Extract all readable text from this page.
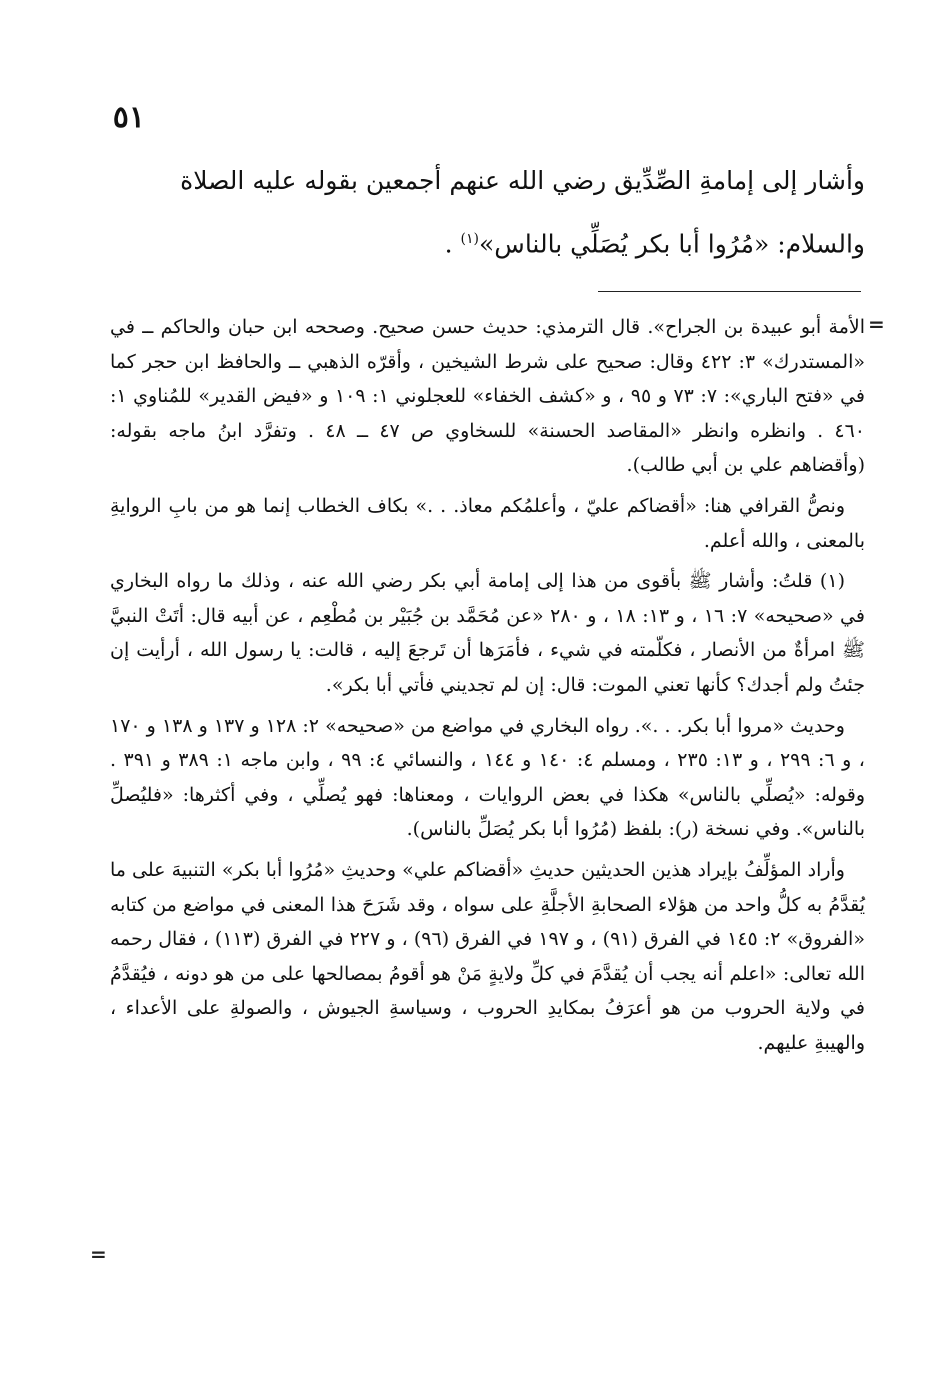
٥١

وأشار إلى إمامةِ الصِّدِّيق رضي الله عنهم أجمعين بقوله عليه الصلاة

والسلام: «مُرُوا أبا بكر يُصَلِّي بالناس»$^{(١)}$ .

=

الأمة أبو عبيدة بن الجراح». قال الترمذي: حديث حسن صحيح. وصححه ابن حبان والحاكم ــ في «المستدرك» ٣: ٤٢٢ وقال: صحيح على شرط الشيخين ، وأقرّه الذهبي ــ والحافظ ابن حجر كما في «فتح الباري»: ٧: ٧٣ و ٩٥ ، و «كشف الخفاء» للعجلوني ١: ١٠٩ و «فيض القدير» للمُناوي ١: ٤٦٠ . وانظره وانظر «المقاصد الحسنة» للسخاوي ص ٤٧ ــ ٤٨ . وتفرَّد ابنُ ماجه بقوله: (وأقضاهم علي بن أبي طالب).

ونصُّ القرافي هنا: «أقضاكم عليّ ، وأعلمُكم معاذ. . .» بكاف الخطاب إنما هو من بابِ الروايةِ بالمعنى ، والله أعلم.

(١) قلتُ: وأشار ﷺ بأقوى من هذا إلى إمامة أبي بكر رضي الله عنه ، وذلك ما رواه البخاري في «صحيحه» ٧: ١٦ ، و ١٣: ١٨ ، و ٢٨٠ «عن مُحَمَّد بن جُبَيْر بن مُطْعِم ، عن أبيه قال: أتَتْ النبيَّ ﷺ امرأةٌ من الأنصار ، فكلّمته في شيء ، فأمَرَها أن تَرجعَ إليه ، قالت: يا رسول الله ، أرأيت إن جئتُ ولم أجدك؟ كأنها تعني الموت: قال: إن لم تجديني فأتي أبا بكر».

وحديث «مروا أبا بكر. . .». رواه البخاري في مواضع من «صحيحه» ٢: ١٢٨ و ١٣٧ و ١٣٨ و ١٧٠ ، و ٦: ٢٩٩ ، و ١٣: ٢٣٥ ، ومسلم ٤: ١٤٠ و ١٤٤ ، والنسائي ٤: ٩٩ ، وابن ماجه ١: ٣٨٩ و ٣٩١ . وقوله: «يُصلِّي بالناس» هكذا في بعض الروايات ، ومعناها: فهو يُصلِّي ، وفي أكثرها: «فليُصلِّ بالناس». وفي نسخة (ر): بلفظ (مُرُوا أبا بكر يُصَلِّ بالناس).

وأراد المؤلِّفُ بإيراد هذين الحديثين حديثِ «أقضاكم علي» وحديثِ «مُرُوا أبا بكر» التنبيهَ على ما يُقدَّمُ به كلُّ واحد من هؤلاء الصحابةِ الأجلَّةِ على سواه ، وقد شَرَحَ هذا المعنى في مواضع من كتابه «الفروق» ٢: ١٤٥ في الفرق (٩١) ، و ١٩٧ في الفرق (٩٦) ، و ٢٢٧ في الفرق (١١٣) ، فقال رحمه الله تعالى: «اعلم أنه يجب أن يُقدَّمَ في كلِّ ولايةٍ مَنْ هو أقومُ بمصالحها على من هو دونه ، فيُقدَّمُ في ولاية الحروب من هو أعرَفُ بمكايدِ الحروب ، وسياسةِ الجيوش ، والصولةِ على الأعداء ، والهيبةِ عليهم.

=
